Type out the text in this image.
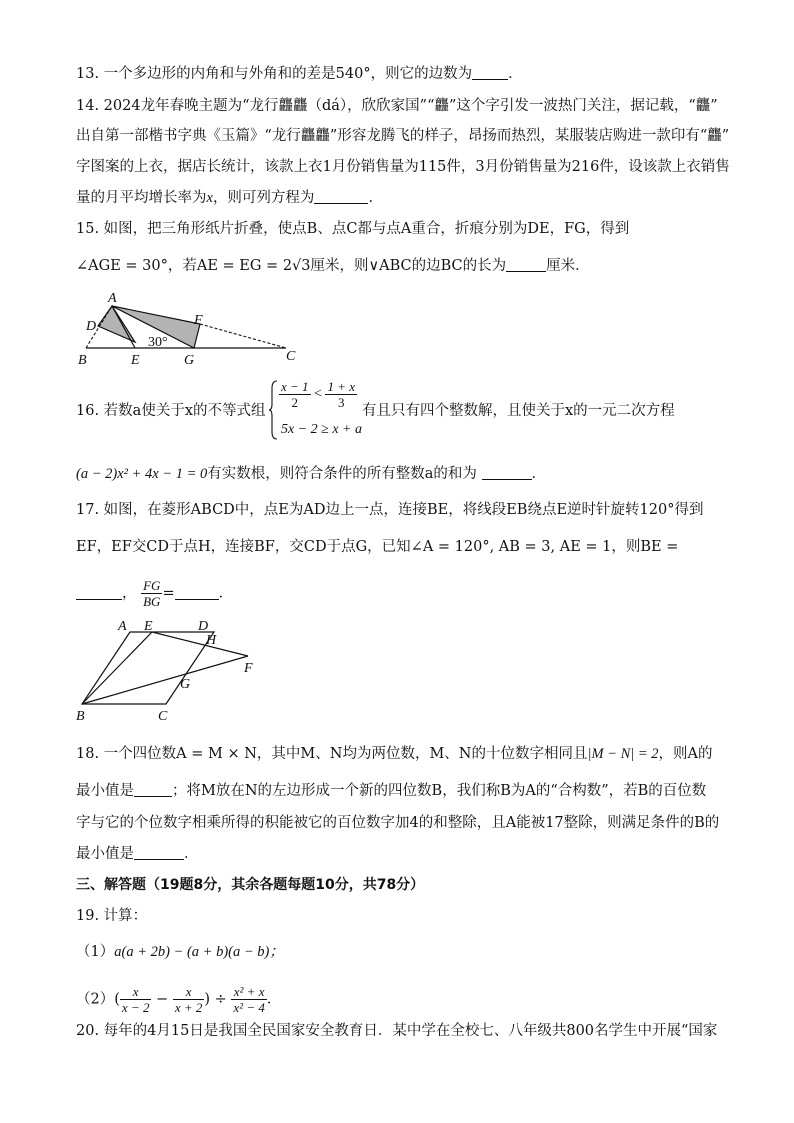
13. 一个多边形的内角和与外角和的差是540°，则它的边数为 ．
14. 2024龙年春晚主题为“龙行龘龘（dá），欣欣家国”“龘”这个字引发一波热门关注，据记载，“龘”
出自第一部楷书字典《玉篇》“龙行龘龘”形容龙腾飞的样子，昂扬而热烈，某服装店购进一款印有“龘”
字图案的上衣，据店长统计，该款上衣1月份销售量为115件，3月份销售量为216件，设该款上衣销售
量的月平均增长率为x，则可列方程为	．
15. 如图，把三角形纸片折叠，使点B、点C都与点A重合，折痕分别为DE，FG，得到
∠AGE = 30°，若AE = EG = 2√3厘米，则∨ABC的边BC的长为	厘米．
A
D
B	E
F
G	C
30°
16. 若数a使关于x的不等式组
$\frac{x - 1}{2} < \frac{1 + x}{3}$
5x − 2 ≥ x + a
有且只有四个整数解，且使关于x的一元二次方程
(a − 2)x² + 4x − 1 = 0有实数根，则符合条件的所有整数a的和为	．
17. 如图，在菱形ABCD中，点E为AD边上一点，连接BE，将线段EB绕点E逆时针旋转120°得到
EF，EF交CD于点H，连接BF，交CD于点G，已知∠A = 120°, AB = 3, AE = 1，则BE =
， $\frac{FG}{BG}$ =	．
A E	D
H
F
G
B	C
18. 一个四位数A = M × N，其中M、N均为两位数，M、N的十位数字相同且|M − N| = 2，则A的
最小值是	；将M放在N的左边形成一个新的四位数B，我们称B为A的“合构数”，若B的百位数
字与它的个位数字相乘所得的积能被它的百位数字加4的和整除，且A能被17整除，则满足条件的B的
最小值是	．
三、解答题（19题8分，其余各题每题10分，共78分）
19. 计算：
（1）a(a + 2b) − (a + b)(a − b)；
$(2)( \frac{x}{x - 2} - \frac{x}{x + 2}$ ) ÷ $\frac{\text{x² + x}}{\text{x² − 4}}$ ．
20. 每年的4月15日是我国全民国家安全教育日．某中学在全校七、八年级共800名学生中开展“国家
